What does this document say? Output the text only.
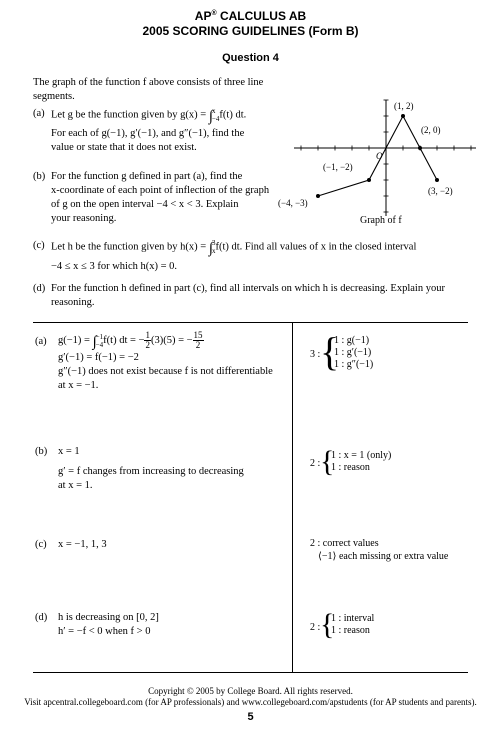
AP® CALCULUS AB
2005 SCORING GUIDELINES (Form B)
Question 4
The graph of the function f above consists of three line
segments.
(a) Let g be the function given by g(x) = ∫ x
−4 f(t) dt.
For each of g(−1), g′(−1), and g″(−1), find the
value or state that it does not exist.
(b) For the function g defined in part (a), find the
x-coordinate of each point of inflection of the graph
of g on the open interval −4 < x < 3. Explain
your reasoning.
(−4, −3)
(−1, −2)
(1, 2)
(2, 0)
(3, −2)
O
Graph of f
(c) Let h be the function given by h(x) = ∫ 3
x f(t) dt. Find all values of x in the closed interval
−4 ≤ x ≤ 3 for which h(x) = 0.
(d) For the function h defined in part (c), find all intervals on which h is decreasing. Explain your
reasoning.
(a) g(−1) = ∫ −1
−4 f(t) dt = − $\frac{1}{2} (3)(5)$ = − $\frac{15}{2}$
g′(−1) = f(−1) = −2
g″(−1) does not exist because f is not differentiable
at x = −1.
3 : {
1 : g(−1)
1 : g′(−1)
1 : g″(−1)
(b) x = 1
g′ = f changes from increasing to decreasing
at x = 1.
2 : {
1 : x = 1 (only)
1 : reason
(c) x = −1, 1, 3	2 : correct values
⟨−1⟩ each missing or extra value
(d) h is decreasing on [0, 2]
h′ = −f < 0 when f > 0	2 : {
1 : interval
1 : reason
Copyright © 2005 by College Board. All rights reserved.
Visit apcentral.collegeboard.com (for AP professionals) and www.collegeboard.com/apstudents (for AP students and parents).
5
